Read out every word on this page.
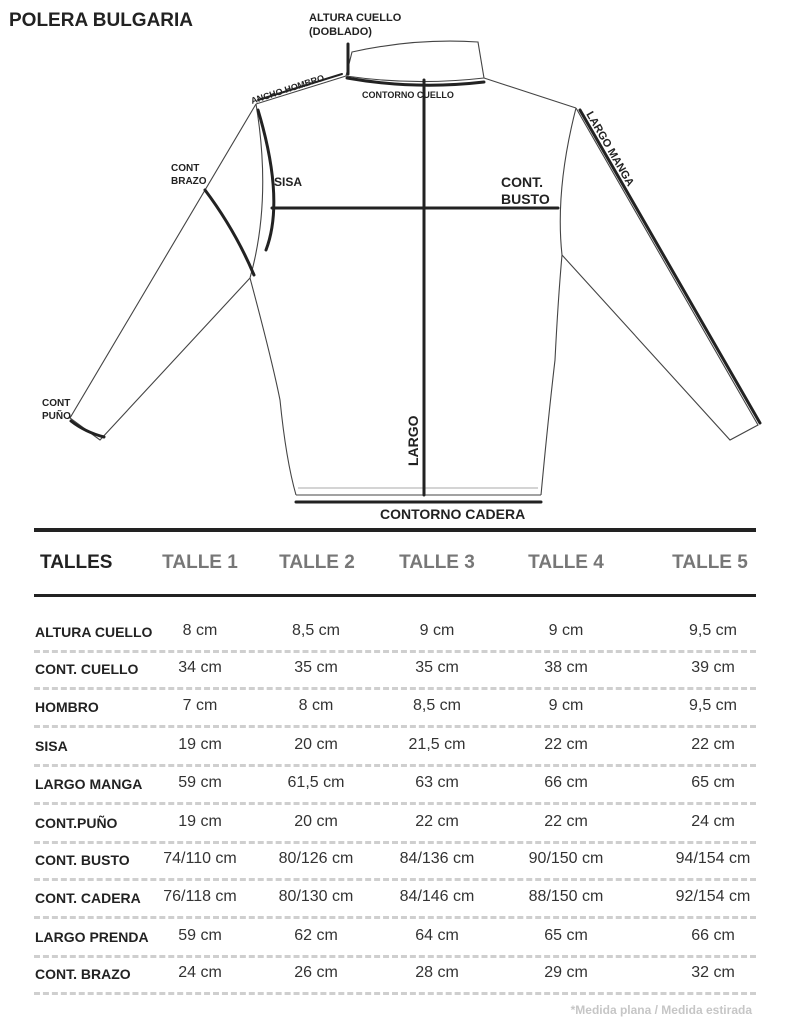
POLERA BULGARIA	ALTURA CUELLO
(DOBLADO)
ANCHO HOMBRO	CONTORNO CUELLO
LARGO MANGA
CONT
BRAZO	SISA	CONT.
BUSTO
CONT
PUÑO	LARGO
CONTORNO CADERA
TALLES	TALLE 1	TALLE 2	TALLE 3	TALLE 4	TALLE 5
ALTURA CUELLO	8 cm	8,5 cm	9 cm	9 cm	9,5 cm
CONT. CUELLO	34 cm	35 cm	35 cm	38 cm	39 cm
HOMBRO	7 cm	8 cm	8,5 cm	9 cm	9,5 cm
SISA	19 cm	20 cm	21,5 cm	22 cm	22 cm
LARGO MANGA	59 cm	61,5 cm	63 cm	66 cm	65 cm
CONT.PUÑO	19 cm	20 cm	22 cm	22 cm	24 cm
CONT. BUSTO	74/110 cm	80/126 cm	84/136 cm	90/150 cm	94/154 cm
CONT. CADERA	76/118 cm	80/130 cm	84/146 cm	88/150 cm	92/154 cm
LARGO PRENDA	59 cm	62 cm	64 cm	65 cm	66 cm
CONT. BRAZO	24 cm	26 cm	28 cm	29 cm	32 cm
*Medida plana / Medida estirada
